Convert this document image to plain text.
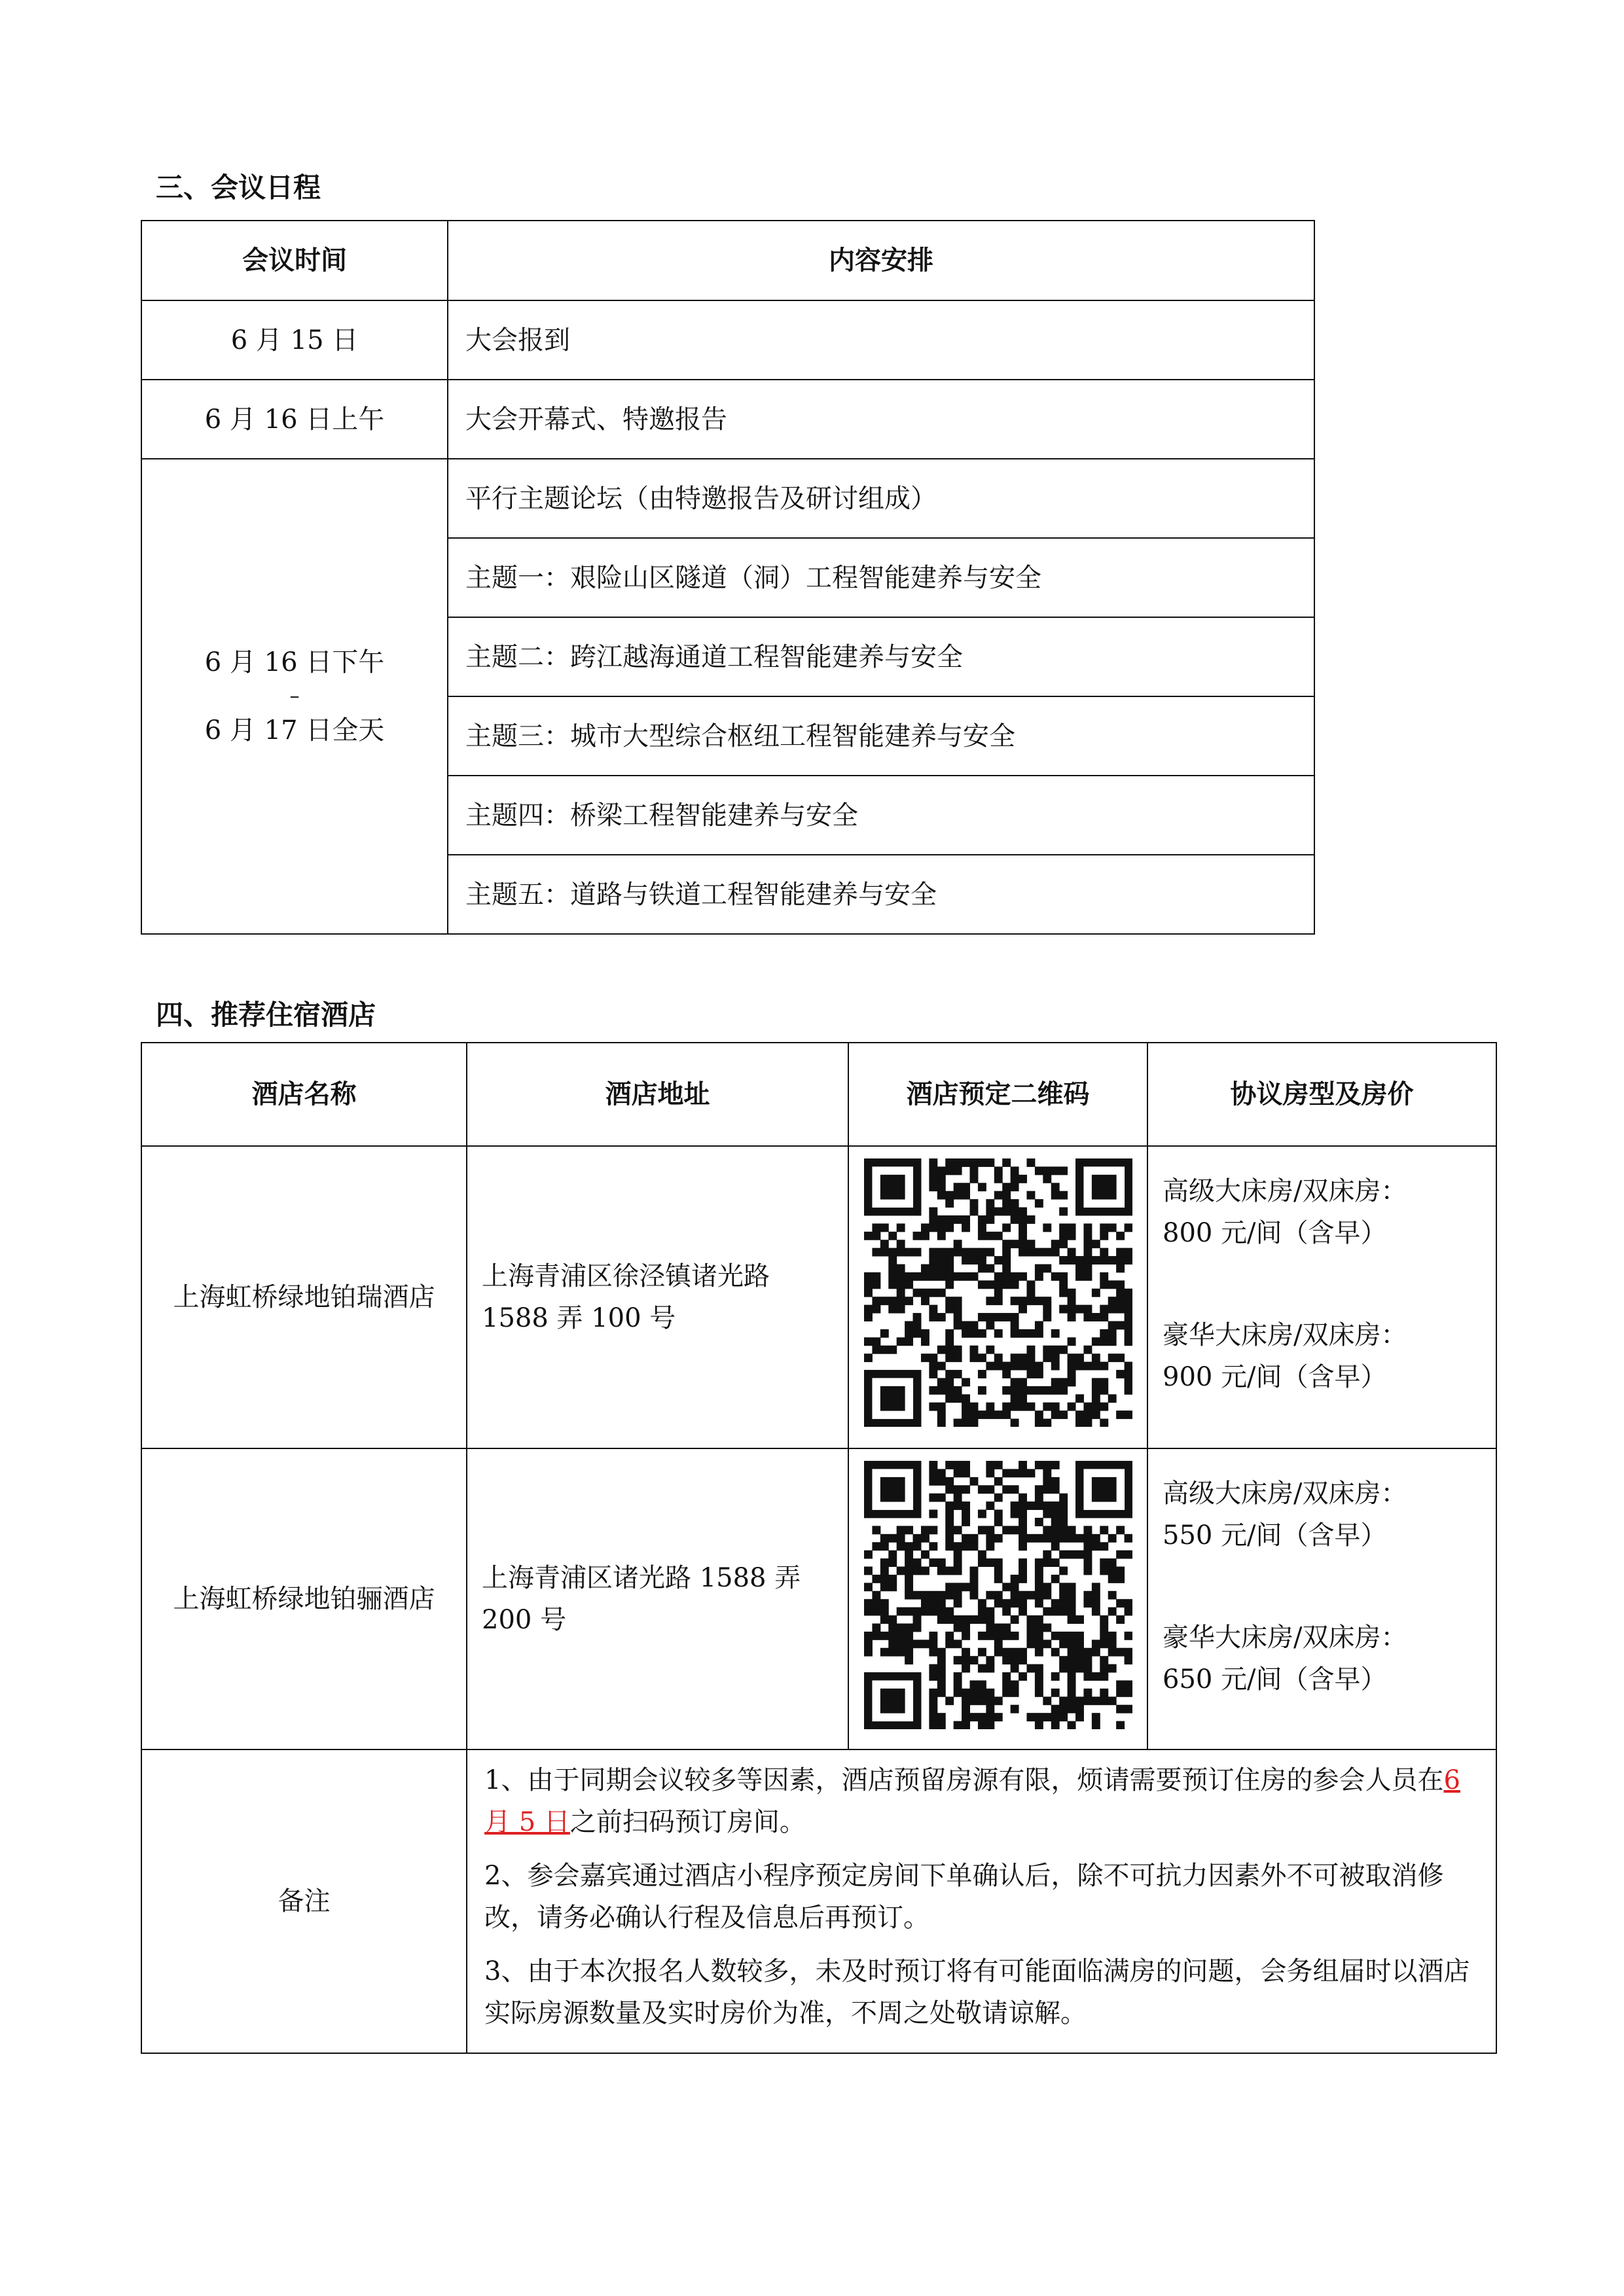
三、会议日程
会议时间	内容安排
6 月 15 日	大会报到
6 月 16 日上午	大会开幕式、特邀报告

6 月 16 日下午
–
6 月 17 日全天	平行主题论坛（由特邀报告及研讨组成）
	主题一：艰险山区隧道（洞）工程智能建养与安全
	主题二：跨江越海通道工程智能建养与安全
	主题三：城市大型综合枢纽工程智能建养与安全
	主题四：桥梁工程智能建养与安全
	主题五：道路与铁道工程智能建养与安全
四、推荐住宿酒店
酒店名称	酒店地址	酒店预定二维码	协议房型及房价
上海虹桥绿地铂瑞酒店	上海青浦区徐泾镇诸光路 1588 弄 100 号		高级大床房/双床房：

800 元/间（含早）

豪华大床房/双床房：

900 元/间（含早）

上海虹桥绿地铂骊酒店	上海青浦区诸光路 1588 弄 200 号		高级大床房/双床房：

550 元/间（含早）

豪华大床房/双床房：

650 元/间（含早）

备注	1、由于同期会议较多等因素，酒店预留房源有限，烦请需要预订住房的参会人员在6 月 5 日之前扫码预订房间。

2、参会嘉宾通过酒店小程序预定房间下单确认后，除不可抗力因素外不可被取消修改，请务必确认行程及信息后再预订。

3、由于本次报名人数较多，未及时预订将有可能面临满房的问题，会务组届时以酒店实际房源数量及实时房价为准，不周之处敬请谅解。		
